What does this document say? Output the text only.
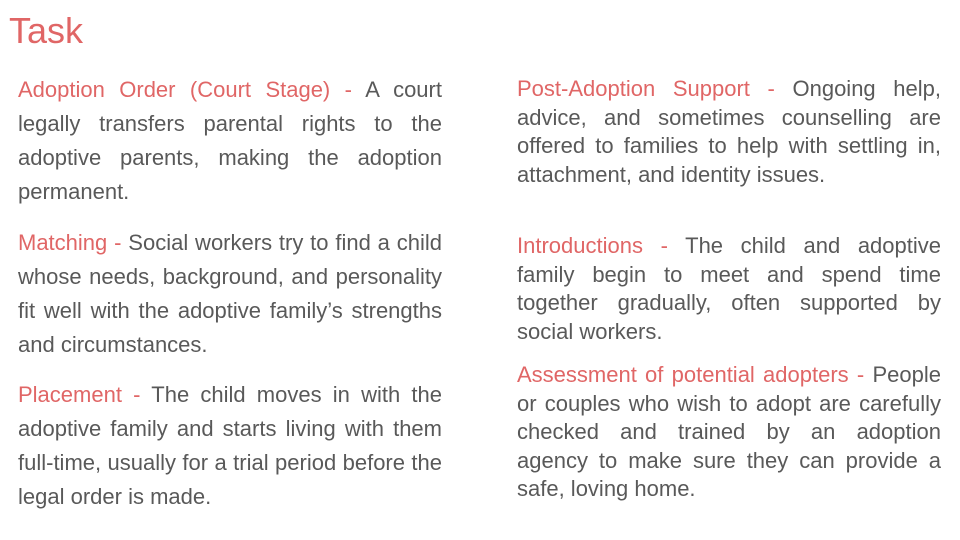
Task

Adoption Order (Court Stage) - A court legally transfers parental rights to the adoptive parents, making the adoption permanent.

Matching - Social workers try to find a child whose needs, background, and personality fit well with the adoptive family’s strengths and circumstances.

Placement - The child moves in with the adoptive family and starts living with them full-time, usually for a trial period before the legal order is made.

Post-Adoption Support - Ongoing help, advice, and sometimes counselling are offered to families to help with settling in, attachment, and identity issues.

Introductions - The child and adoptive family begin to meet and spend time together gradually, often supported by social workers.

Assessment of potential adopters - People or couples who wish to adopt are carefully checked and trained by an adoption agency to make sure they can provide a safe, loving home.
